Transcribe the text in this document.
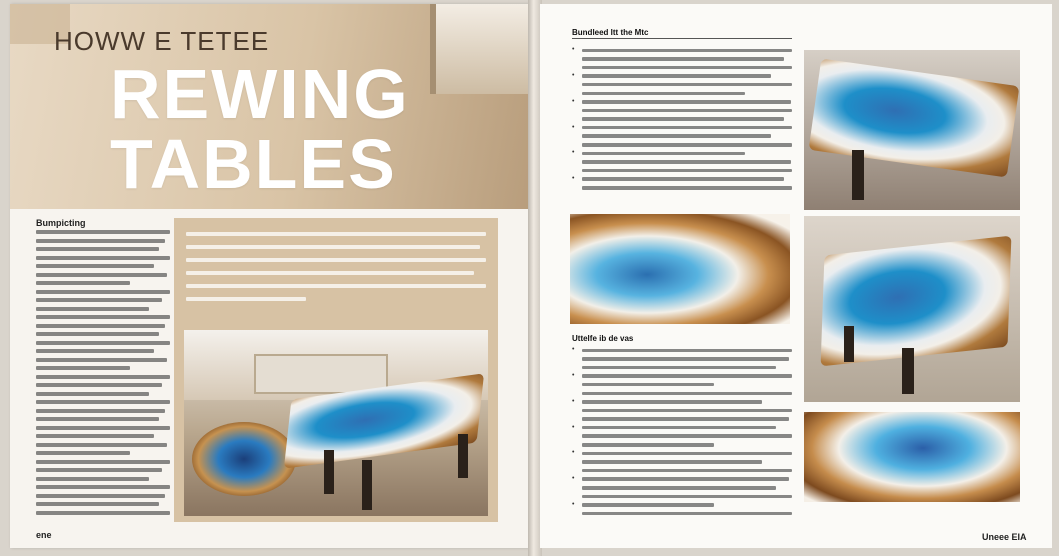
HOWW E TETEE
REWING
TABLES
Bumpicting
ene
Bundleed Itt the Mtc
•
•
•
•
•
•
Uttelfe ib de vas
•
•
•
•
•
•
•
Uneee EIA
